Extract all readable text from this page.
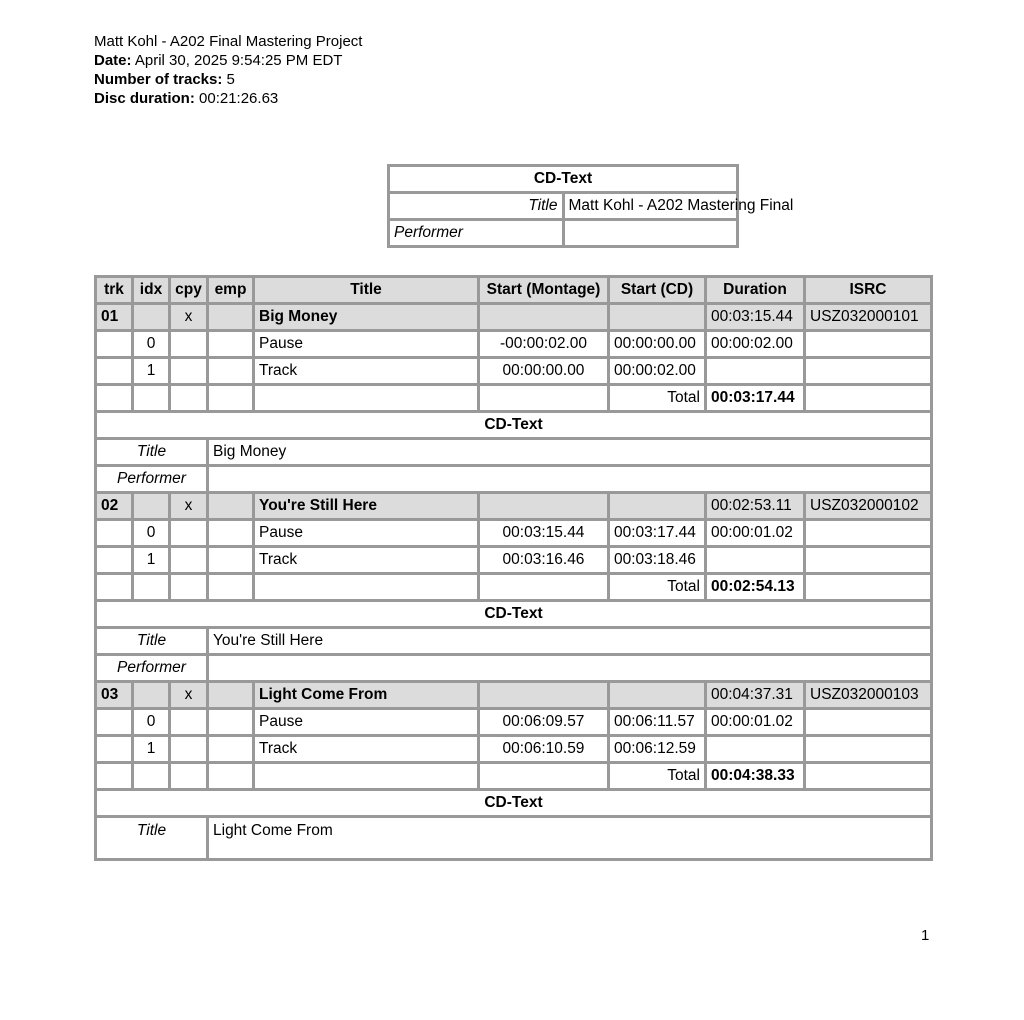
Matt Kohl - A202 Final Mastering Project
Date: April 30, 2025 9:54:25 PM EDT
Number of tracks: 5
Disc duration: 00:21:26.63
CD-Text	
Title	Matt Kohl - A202 Mastering Final
Performer	
trk	idx	cpy	emp	Title	Start (Montage)	Start (CD)	Duration	ISRC
01		x		Big Money			00:03:15.44	USZ032000101
	0			Pause	-00:00:02.00	00:00:00.00	00:00:02.00	
	1			Track	00:00:00.00	00:00:02.00		
						Total	00:03:17.44	
CD-Text								
Title			Big Money					
Performer								
02		x		You're Still Here			00:02:53.11	USZ032000102
	0			Pause	00:03:15.44	00:03:17.44	00:00:01.02	
	1			Track	00:03:16.46	00:03:18.46		
						Total	00:02:54.13	
CD-Text								
Title			You're Still Here					
Performer								
03		x		Light Come From			00:04:37.31	USZ032000103
	0			Pause	00:06:09.57	00:06:11.57	00:00:01.02	
	1			Track	00:06:10.59	00:06:12.59		
						Total	00:04:38.33	
CD-Text								
Title			Light Come From					
1
